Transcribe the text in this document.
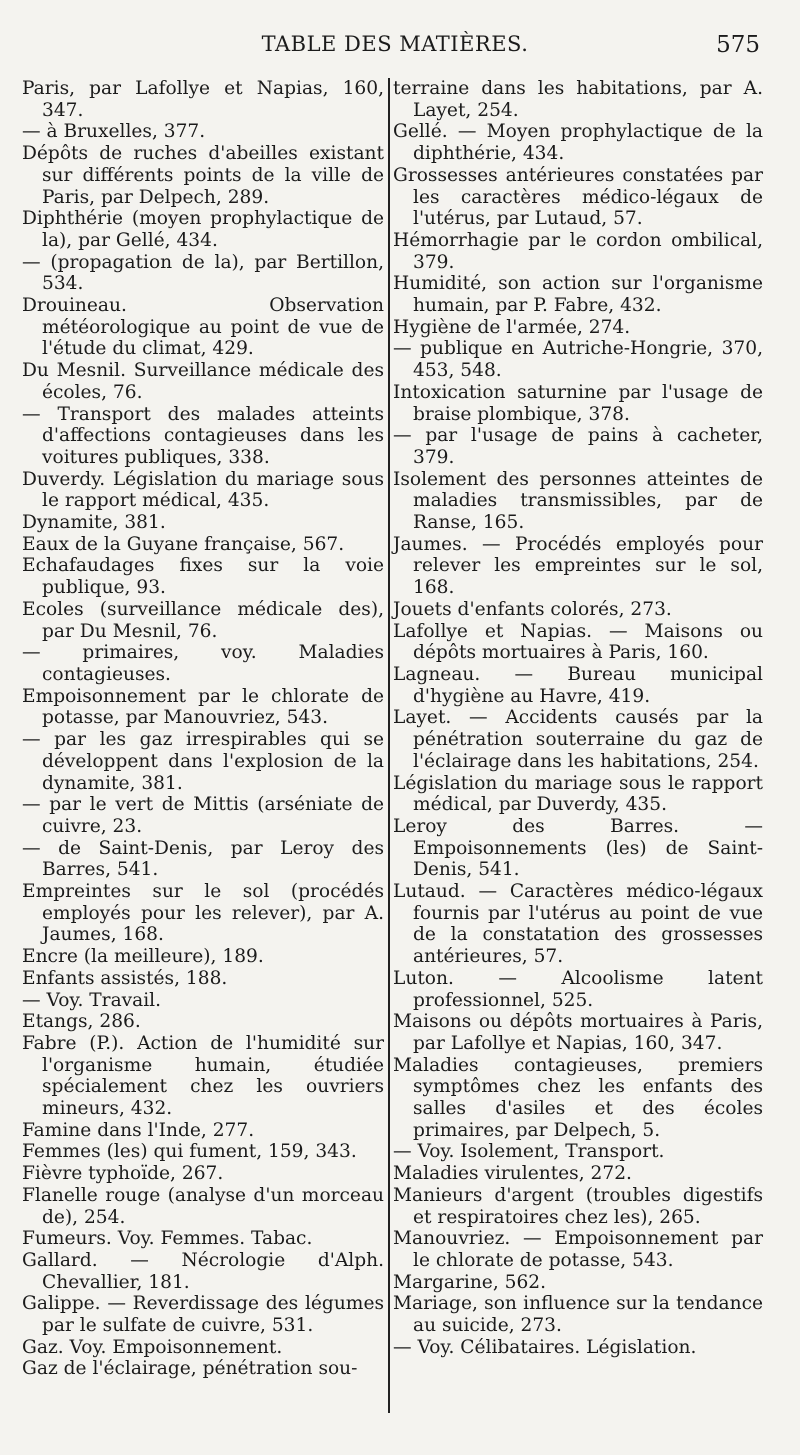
TABLE DES MATIÈRES.	575
Paris, par Lafollye et Napias, 160, 347.
— à Bruxelles, 377.
Dépôts de ruches d'abeilles existant sur différents points de la ville de Paris, par Delpech, 289.
Diphthérie (moyen prophylactique de la), par Gellé, 434.
— (propagation de la), par Bertillon, 534.
Drouineau. Observation météorologique au point de vue de l'étude du climat, 429.
Du Mesnil. Surveillance médicale des écoles, 76.
— Transport des malades atteints d'affections contagieuses dans les voitures publiques, 338.
Duverdy. Législation du mariage sous le rapport médical, 435.
Dynamite, 381.
Eaux de la Guyane française, 567.
Echafaudages fixes sur la voie publique, 93.
Ecoles (surveillance médicale des), par Du Mesnil, 76.
— primaires, voy. Maladies contagieuses.
Empoisonnement par le chlorate de potasse, par Manouvriez, 543.
— par les gaz irrespirables qui se développent dans l'explosion de la dynamite, 381.
— par le vert de Mittis (arséniate de cuivre, 23.
— de Saint-Denis, par Leroy des Barres, 541.
Empreintes sur le sol (procédés employés pour les relever), par A. Jaumes, 168.
Encre (la meilleure), 189.
Enfants assistés, 188.
— Voy. Travail.
Etangs, 286.
Fabre (P.). Action de l'humidité sur l'organisme humain, étudiée spécialement chez les ouvriers mineurs, 432.
Famine dans l'Inde, 277.
Femmes (les) qui fument, 159, 343.
Fièvre typhoïde, 267.
Flanelle rouge (analyse d'un morceau de), 254.
Fumeurs. Voy. Femmes. Tabac.
Gallard. — Nécrologie d'Alph. Chevallier, 181.
Galippe. — Reverdissage des légumes par le sulfate de cuivre, 531.
Gaz. Voy. Empoisonnement.
Gaz de l'éclairage, pénétration sou-
terraine dans les habitations, par A. Layet, 254.
Gellé. — Moyen prophylactique de la diphthérie, 434.
Grossesses antérieures constatées par les caractères médico-légaux de l'utérus, par Lutaud, 57.
Hémorrhagie par le cordon ombilical, 379.
Humidité, son action sur l'organisme humain, par P. Fabre, 432.
Hygiène de l'armée, 274.
— publique en Autriche-Hongrie, 370, 453, 548.
Intoxication saturnine par l'usage de braise plombique, 378.
— par l'usage de pains à cacheter, 379.
Isolement des personnes atteintes de maladies transmissibles, par de Ranse, 165.
Jaumes. — Procédés employés pour relever les empreintes sur le sol, 168.
Jouets d'enfants colorés, 273.
Lafollye et Napias. — Maisons ou dépôts mortuaires à Paris, 160.
Lagneau. — Bureau municipal d'hygiène au Havre, 419.
Layet. — Accidents causés par la pénétration souterraine du gaz de l'éclairage dans les habitations, 254.
Législation du mariage sous le rapport médical, par Duverdy, 435.
Leroy des Barres. — Empoisonnements (les) de Saint-Denis, 541.
Lutaud. — Caractères médico-légaux fournis par l'utérus au point de vue de la constatation des grossesses antérieures, 57.
Luton. — Alcoolisme latent professionnel, 525.
Maisons ou dépôts mortuaires à Paris, par Lafollye et Napias, 160, 347.
Maladies contagieuses, premiers symptômes chez les enfants des salles d'asiles et des écoles primaires, par Delpech, 5.
— Voy. Isolement, Transport.
Maladies virulentes, 272.
Manieurs d'argent (troubles digestifs et respiratoires chez les), 265.
Manouvriez. — Empoisonnement par le chlorate de potasse, 543.
Margarine, 562.
Mariage, son influence sur la tendance au suicide, 273.
— Voy. Célibataires. Législation.
